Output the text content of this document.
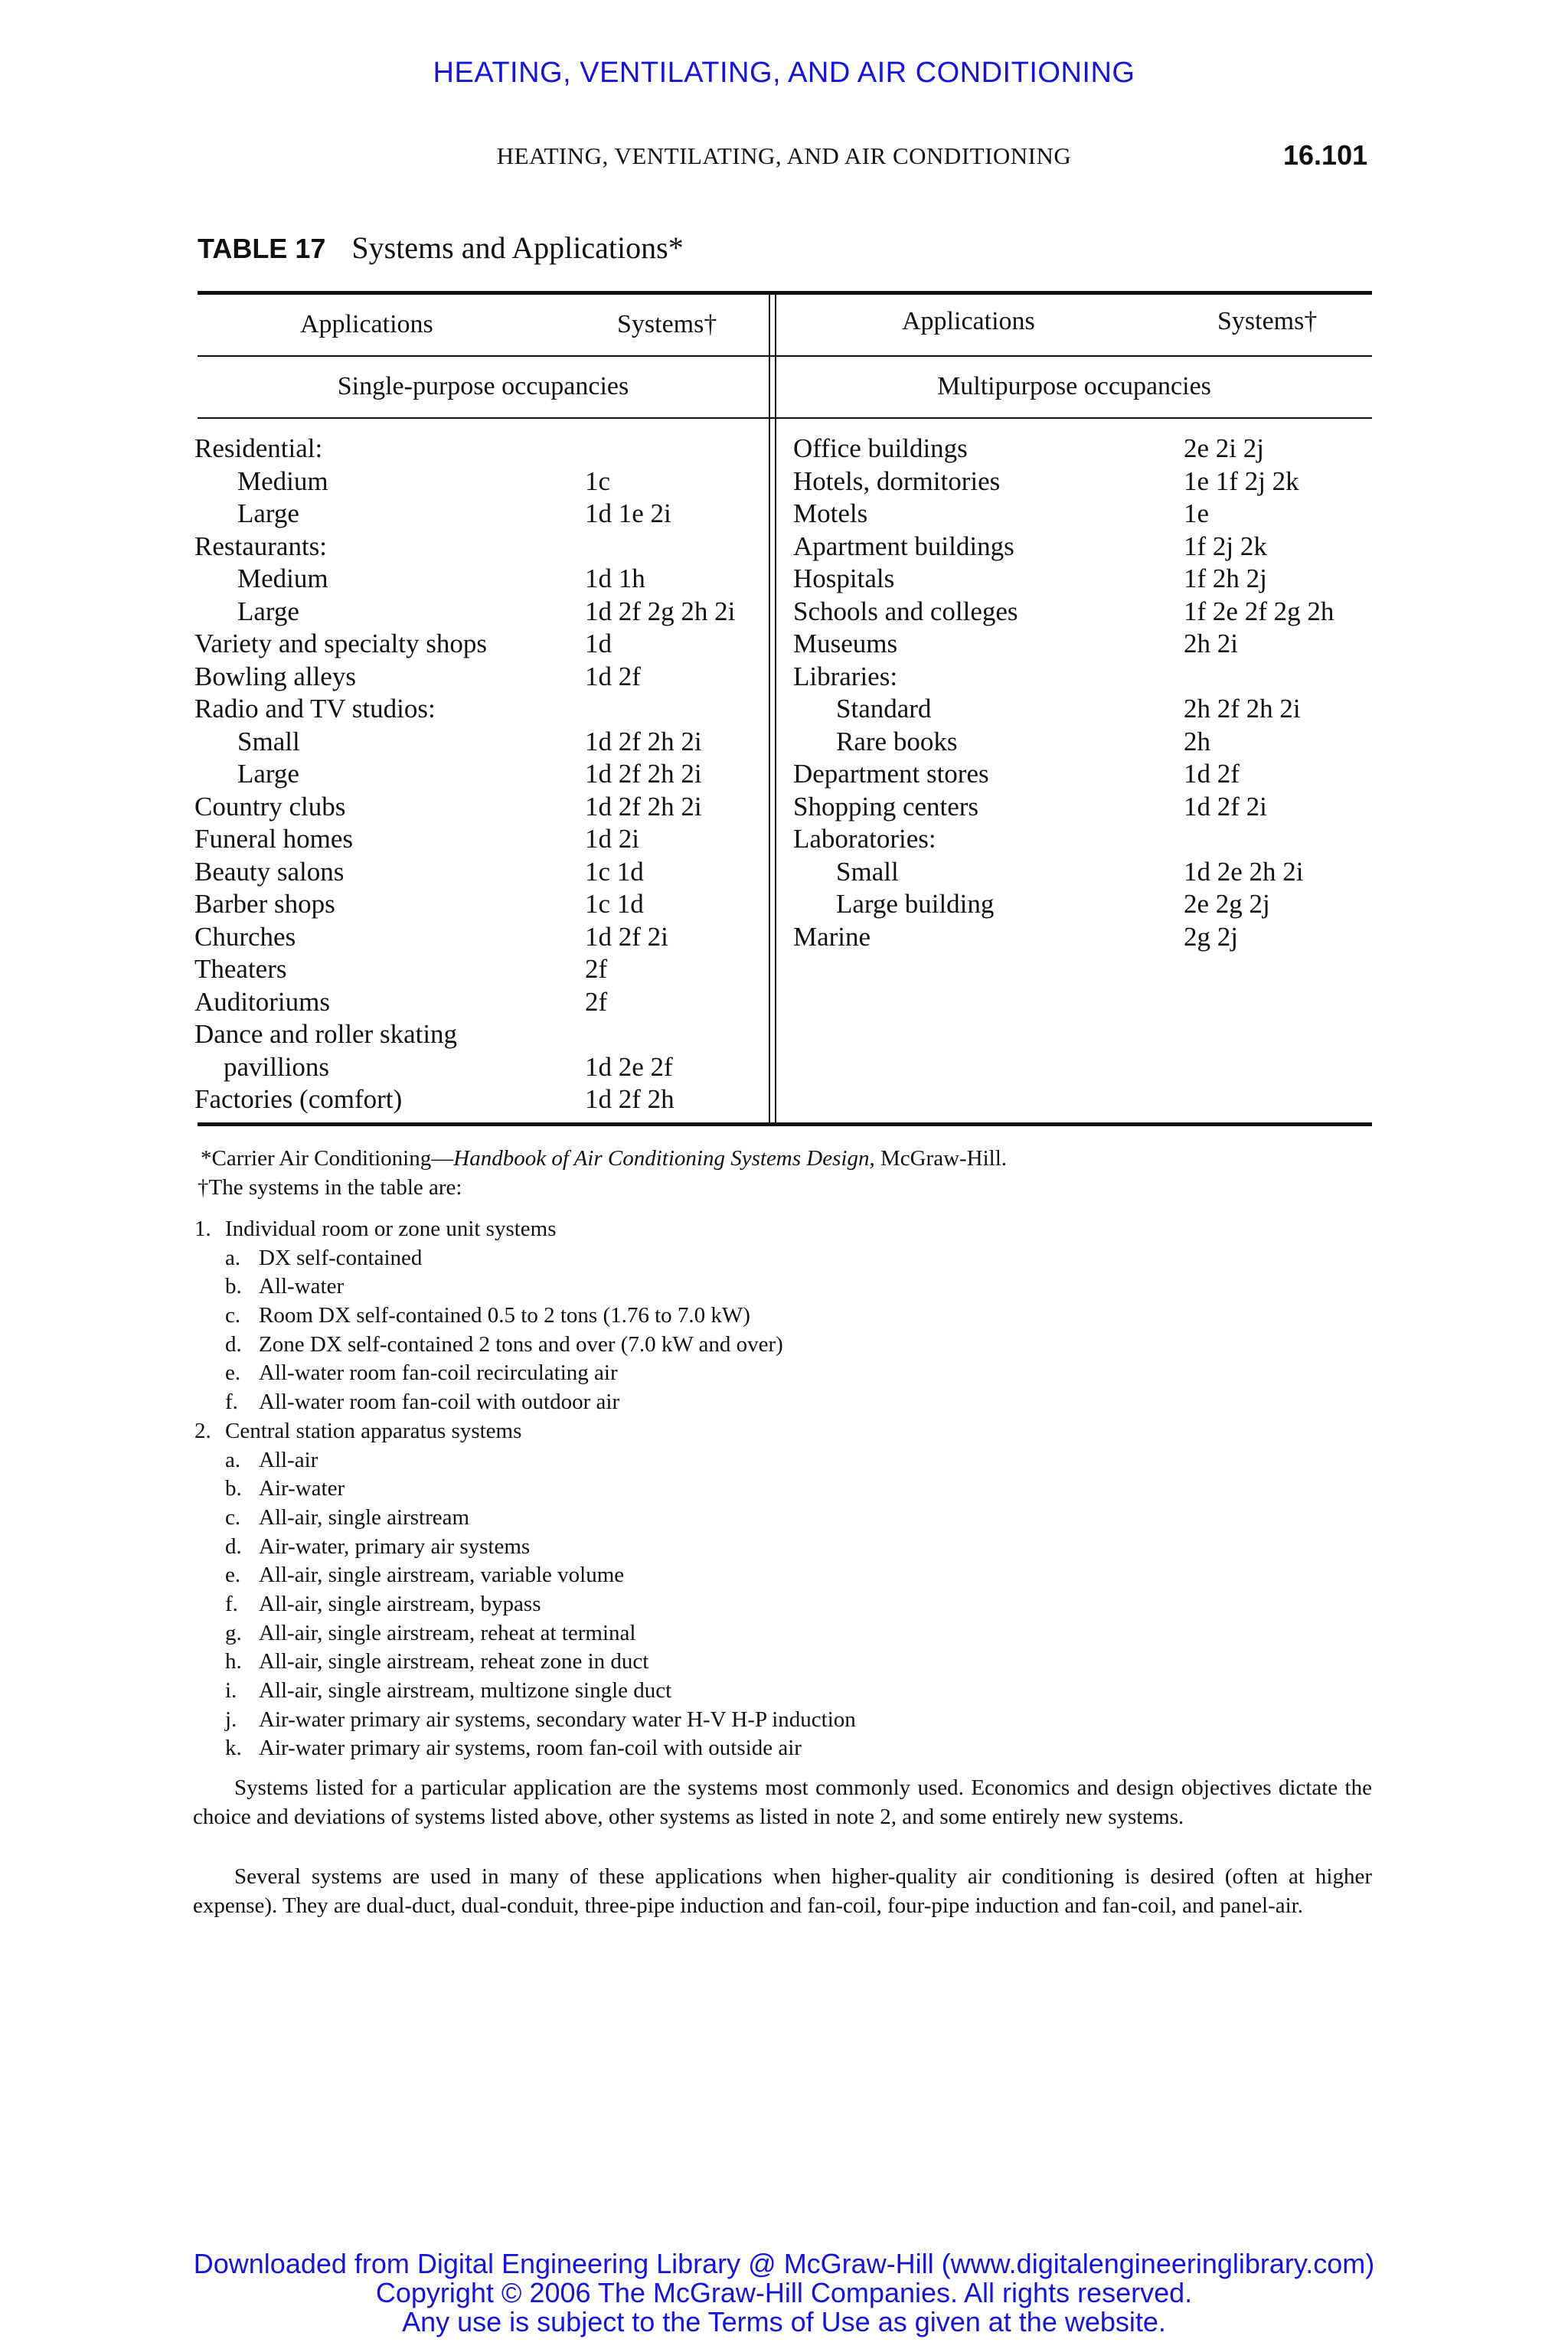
HEATING, VENTILATING, AND AIR CONDITIONING
HEATING, VENTILATING, AND AIR CONDITIONING	16.101
TABLE 17 Systems and Applications*
Applications	Systems†	Applications	Systems†
Single-purpose occupancies	Multipurpose occupancies
Residential:
Medium	1c
Large	1d 1e 2i
Restaurants:
Medium	1d 1h
Large	1d 2f 2g 2h 2i
Variety and specialty shops	1d
Bowling alleys	1d 2f
Radio and TV studios:
Small	1d 2f 2h 2i
Large	1d 2f 2h 2i
Country clubs	1d 2f 2h 2i
Funeral homes	1d 2i
Beauty salons	1c 1d
Barber shops	1c 1d
Churches	1d 2f 2i
Theaters	2f
Auditoriums	2f
Dance and roller skating
pavillions	1d 2e 2f
Factories (comfort)	1d 2f 2h
Office buildings	2e 2i 2j
Hotels, dormitories	1e 1f 2j 2k
Motels	1e
Apartment buildings	1f 2j 2k
Hospitals	1f 2h 2j
Schools and colleges	1f 2e 2f 2g 2h
Museums	2h 2i
Libraries:
Standard	2h 2f 2h 2i
Rare books	2h
Department stores	1d 2f
Shopping centers	1d 2f 2i
Laboratories:
Small	1d 2e 2h 2i
Large building	2e 2g 2j
Marine	2g 2j
*Carrier Air Conditioning—Handbook of Air Conditioning Systems Design, McGraw-Hill.
†The systems in the table are:
1. Individual room or zone unit systems
a. DX self-contained
b. All-water
c. Room DX self-contained 0.5 to 2 tons (1.76 to 7.0 kW)
d. Zone DX self-contained 2 tons and over (7.0 kW and over)
e. All-water room fan-coil recirculating air
f. All-water room fan-coil with outdoor air
2. Central station apparatus systems
a. All-air
b. Air-water
c. All-air, single airstream
d. Air-water, primary air systems
e. All-air, single airstream, variable volume
f. All-air, single airstream, bypass
g. All-air, single airstream, reheat at terminal
h. All-air, single airstream, reheat zone in duct
i. All-air, single airstream, multizone single duct
j. Air-water primary air systems, secondary water H-V H-P induction
k. Air-water primary air systems, room fan-coil with outside air
Systems listed for a particular application are the systems most commonly used. Economics and design objectives dictate the choice and deviations of systems listed above, other systems as listed in note 2, and some entirely new systems.
Several systems are used in many of these applications when higher-quality air conditioning is desired (often at higher expense). They are dual-duct, dual-conduit, three-pipe induction and fan-coil, four-pipe induction and fan-coil, and panel-air.
Downloaded from Digital Engineering Library @ McGraw-Hill (www.digitalengineeringlibrary.com)
Copyright © 2006 The McGraw-Hill Companies. All rights reserved.
Any use is subject to the Terms of Use as given at the website.
